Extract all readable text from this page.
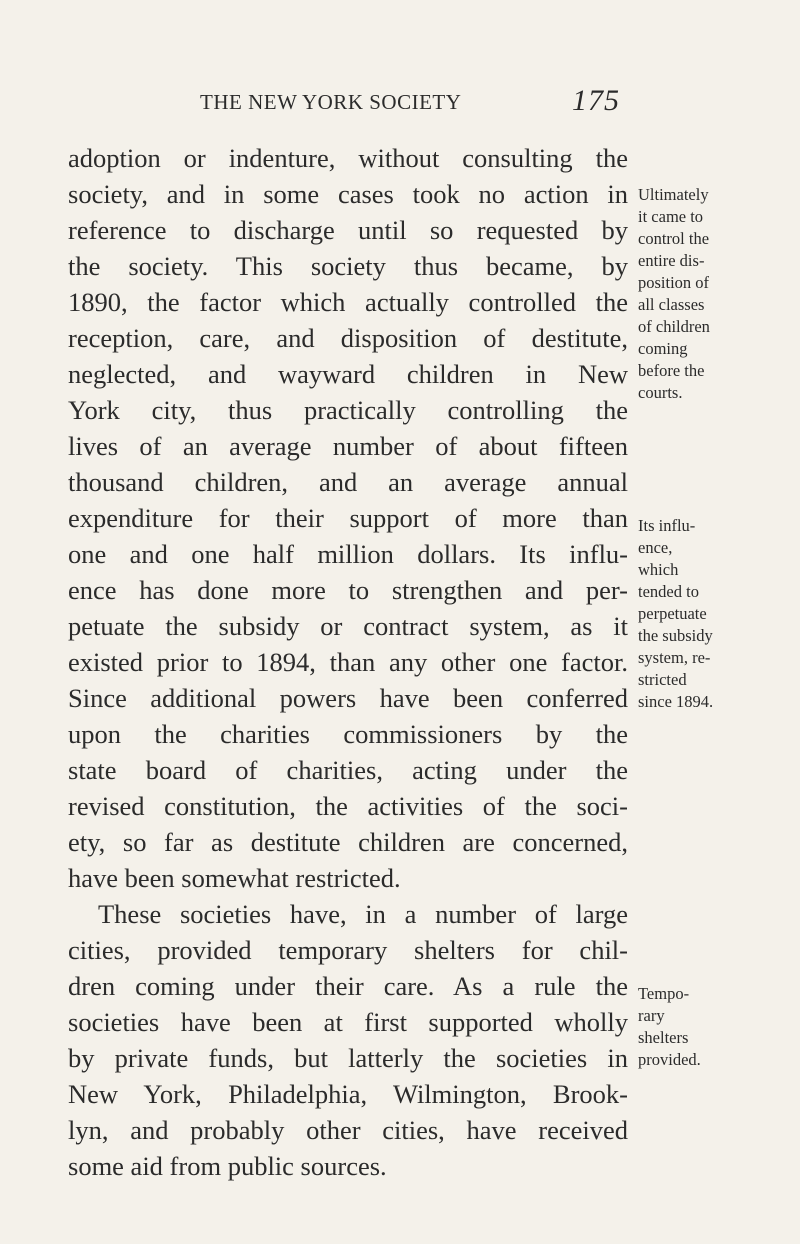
THE NEW YORK SOCIETY	175
adoption or indenture, without consulting the
society, and in some cases took no action in
reference to discharge until so requested by
the society. This society thus became, by
1890, the factor which actually controlled the
reception, care, and disposition of destitute,
neglected, and wayward children in New
York city, thus practically controlling the
lives of an average number of about fifteen
thousand children, and an average annual
expenditure for their support of more than
one and one half million dollars. Its influ-
ence has done more to strengthen and per-
petuate the subsidy or contract system, as it
existed prior to 1894, than any other one factor.
Since additional powers have been conferred
upon the charities commissioners by the
state board of charities, acting under the
revised constitution, the activities of the soci-
ety, so far as destitute children are concerned,
have been somewhat restricted.
These societies have, in a number of large
cities, provided temporary shelters for chil-
dren coming under their care. As a rule the
societies have been at first supported wholly
by private funds, but latterly the societies in
New York, Philadelphia, Wilmington, Brook-
lyn, and probably other cities, have received
some aid from public sources.
Ultimately
it came to
control the
entire dis-
position of
all classes
of children
coming
before the
courts.
Its influ-
ence,
which
tended to
perpetuate
the subsidy
system, re-
stricted
since 1894.
Tempo-
rary
shelters
provided.
